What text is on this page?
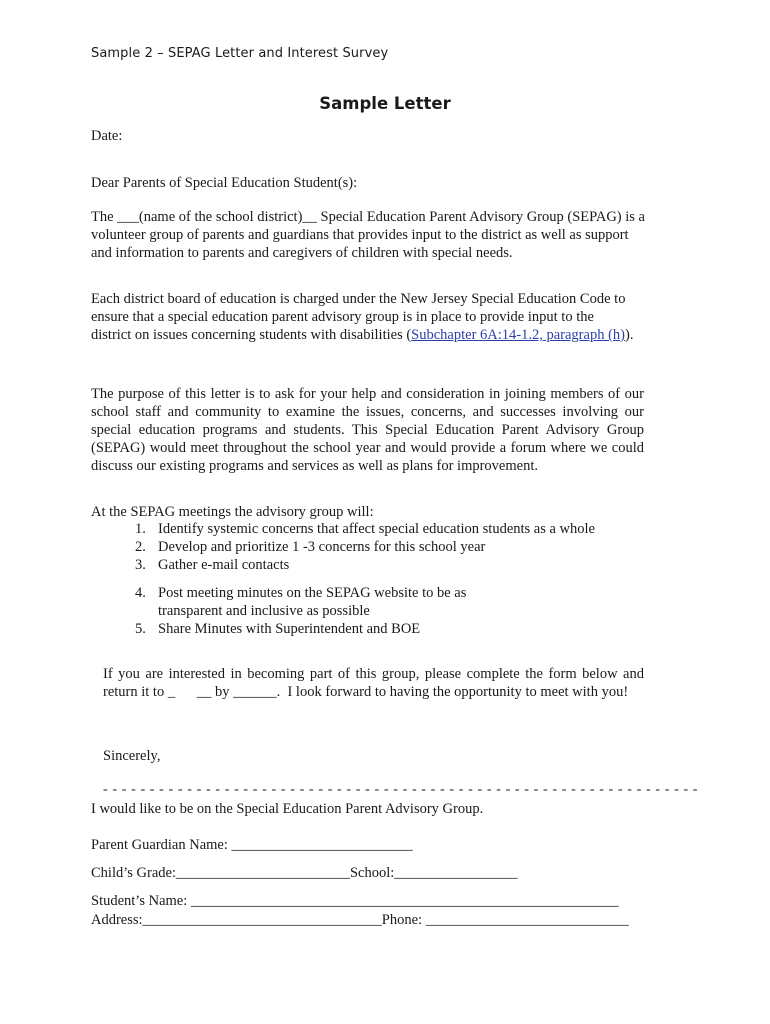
Sample 2 – SEPAG Letter and Interest Survey
Sample Letter
Date:
Dear Parents of Special Education Student(s):
The ___(name of the school district)__ Special Education Parent Advisory Group (SEPAG) is a volunteer group of parents and guardians that provides input to the district as well as support and information to parents and caregivers of children with special needs.
Each district board of education is charged under the New Jersey Special Education Code to ensure that a special education parent advisory group is in place to provide input to the district on issues concerning students with disabilities (Subchapter 6A:14-1.2, paragraph (h)).
The purpose of this letter is to ask for your help and consideration in joining members of our school staff and community to examine the issues, concerns, and successes involving our special education programs and students. This Special Education Parent Advisory Group (SEPAG) would meet throughout the school year and would provide a forum where we could discuss our existing programs and services as well as plans for improvement.
At the SEPAG meetings the advisory group will:
1. Identify systemic concerns that affect special education students as a whole
2. Develop and prioritize 1 -3 concerns for this school year
3. Gather e-mail contacts
4. Post meeting minutes on the SEPAG website to be as
transparent and inclusive as possible
5. Share Minutes with Superintendent and BOE
If you are interested in becoming part of this group, please complete the form below and return it to _      __ by ______.  I look forward to having the opportunity to meet with you!
Sincerely,
- - - - - - - - - - - - - - - - - - - - - - - - - - - - - - - - - - - - - - - - - - - - - - - - - - - - - - - - - - - - - - - -
I would like to be on the Special Education Parent Advisory Group.
Parent Guardian Name: _________________________
Child’s Grade:________________________School:_________________
Student’s Name: ___________________________________________________________
Address:_________________________________Phone: ____________________________
